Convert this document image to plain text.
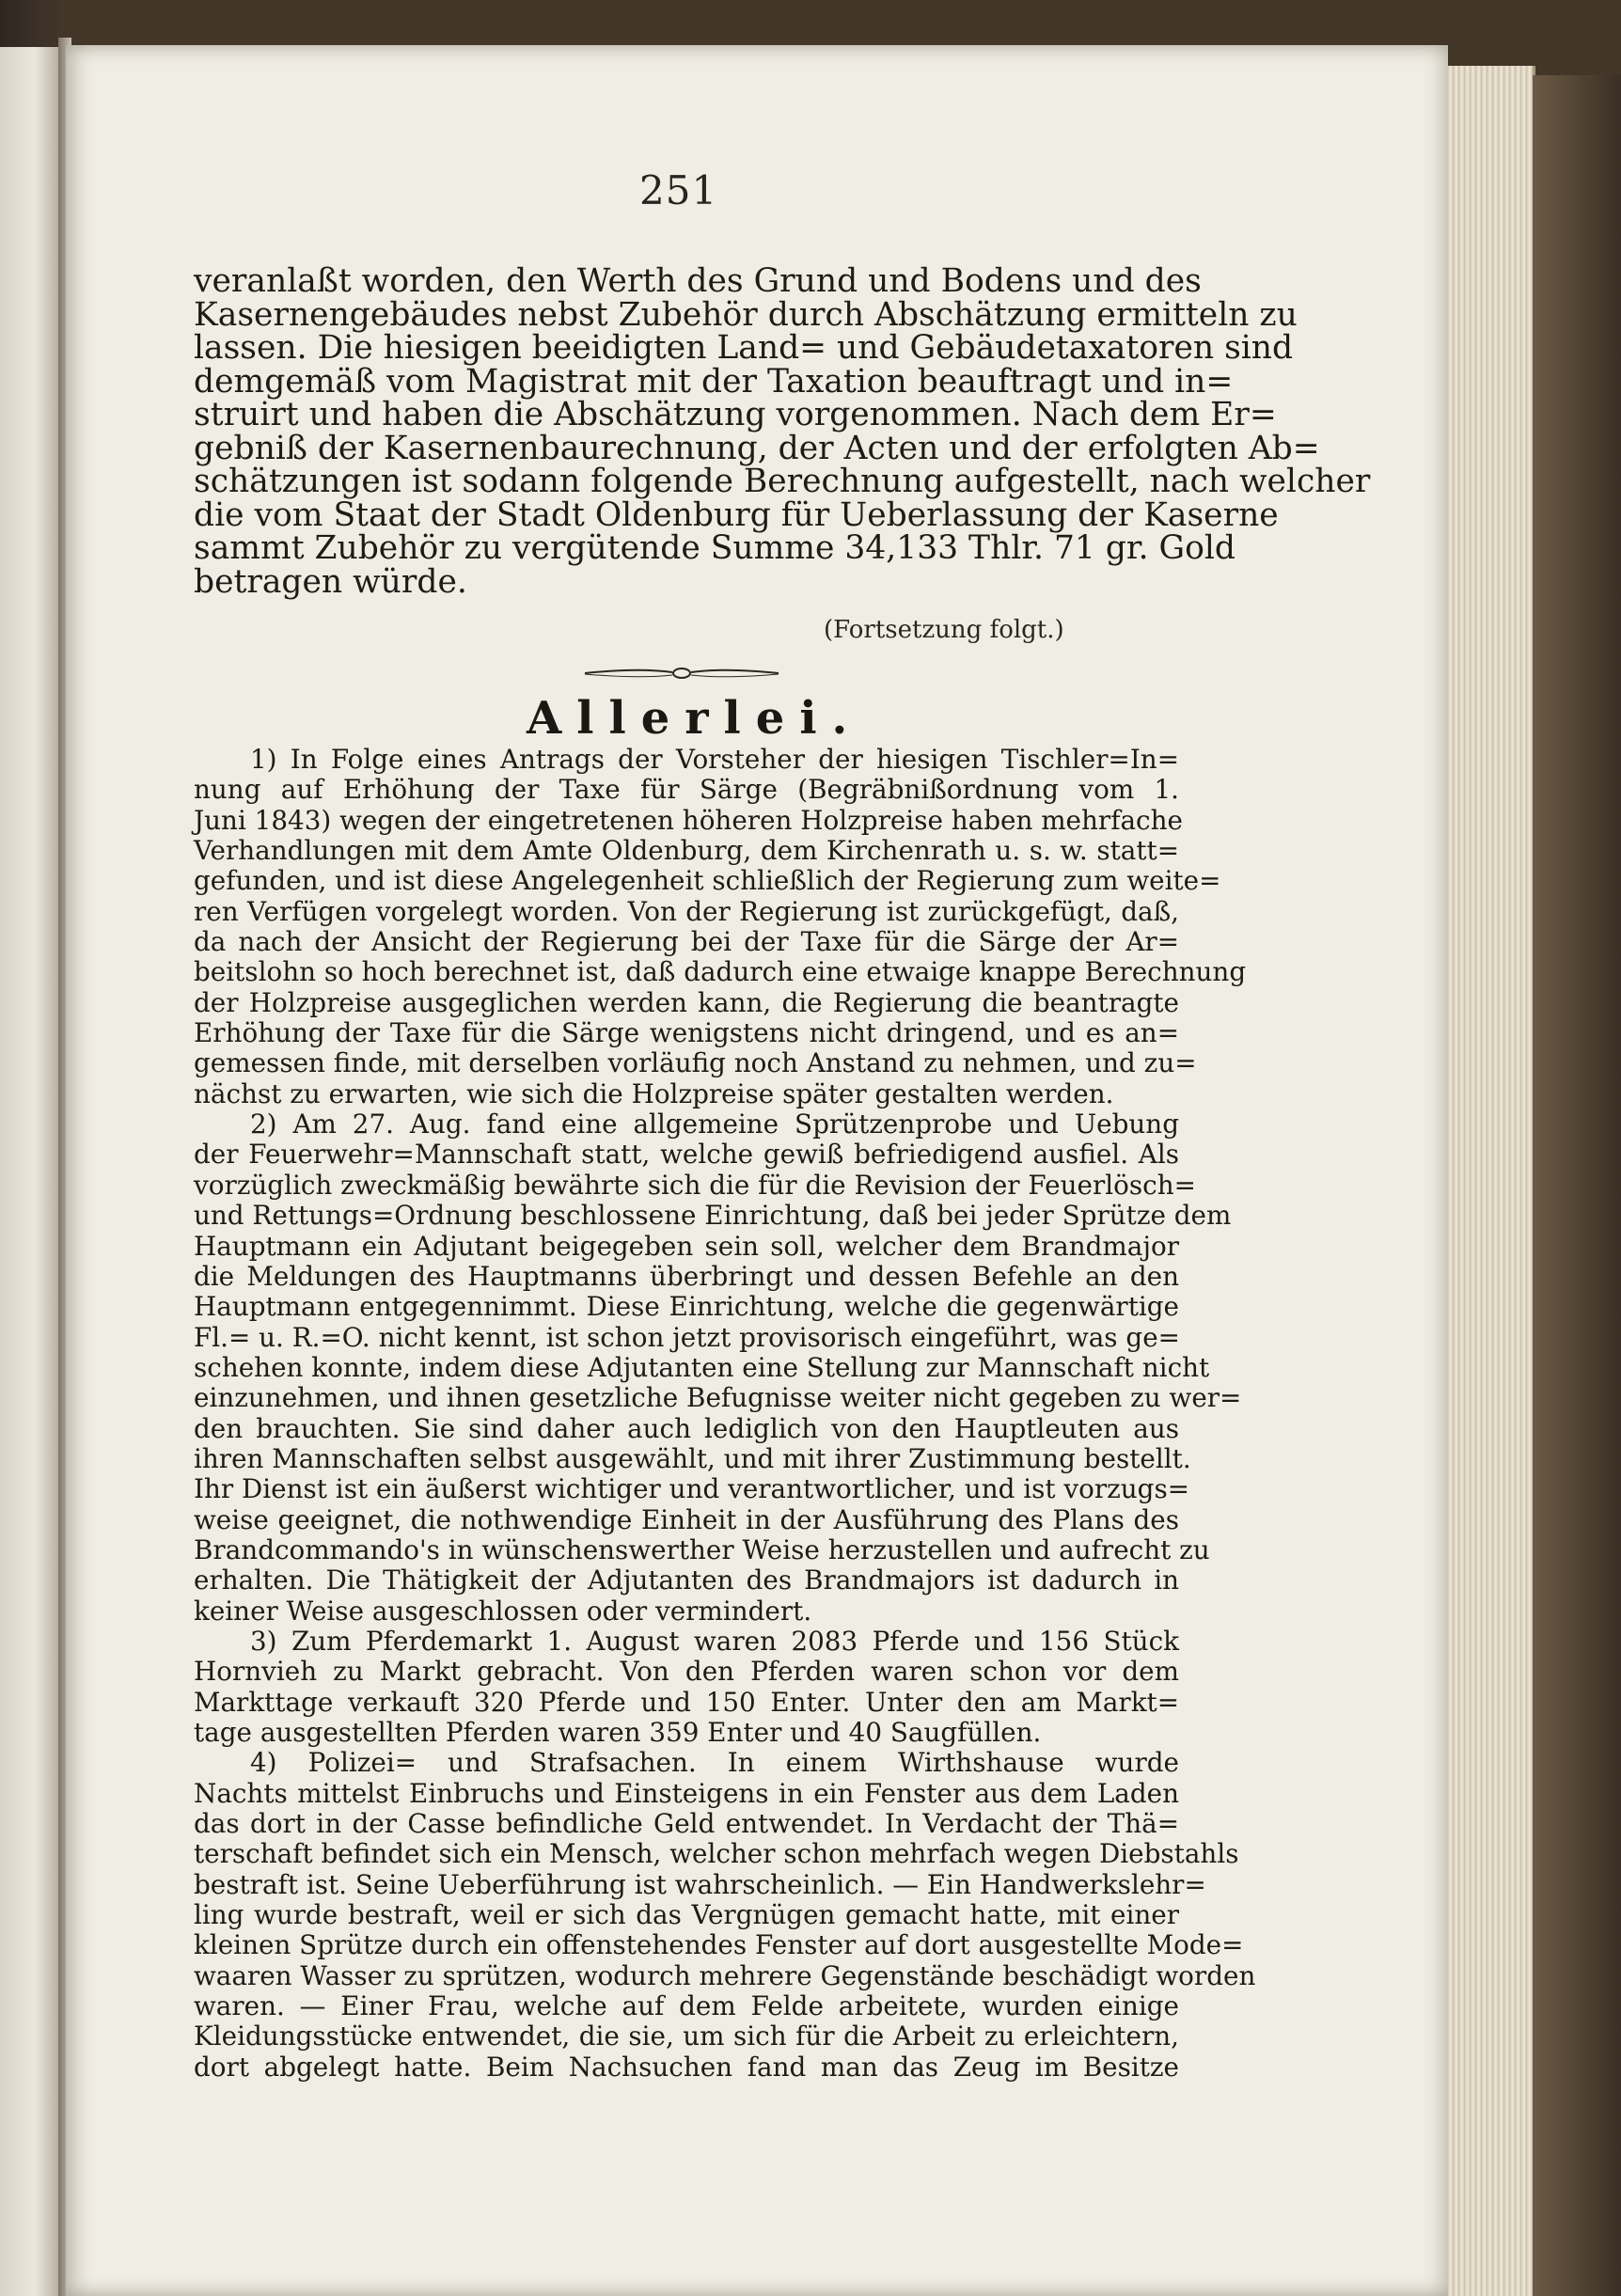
251
veranlaßt worden, den Werth des Grund und Bodens und des
Kasernengebäudes nebst Zubehör durch Abschätzung ermitteln zu
lassen. Die hiesigen beeidigten Land= und Gebäudetaxatoren sind
demgemäß vom Magistrat mit der Taxation beauftragt und in=
struirt und haben die Abschätzung vorgenommen. Nach dem Er=
gebniß der Kasernenbaurechnung, der Acten und der erfolgten Ab=
schätzungen ist sodann folgende Berechnung aufgestellt, nach welcher
die vom Staat der Stadt Oldenburg für Ueberlassung der Kaserne
sammt Zubehör zu vergütende Summe 34,133 Thlr. 71 gr. Gold
betragen würde.
(Fortsetzung folgt.)
Allerlei.
1) In Folge eines Antrags der Vorsteher der hiesigen Tischler=In=
nung auf Erhöhung der Taxe für Särge (Begräbnißordnung vom 1.
Juni 1843) wegen der eingetretenen höheren Holzpreise haben mehrfache
Verhandlungen mit dem Amte Oldenburg, dem Kirchenrath u. s. w. statt=
gefunden, und ist diese Angelegenheit schließlich der Regierung zum weite=
ren Verfügen vorgelegt worden. Von der Regierung ist zurückgefügt, daß,
da nach der Ansicht der Regierung bei der Taxe für die Särge der Ar=
beitslohn so hoch berechnet ist, daß dadurch eine etwaige knappe Berechnung
der Holzpreise ausgeglichen werden kann, die Regierung die beantragte
Erhöhung der Taxe für die Särge wenigstens nicht dringend, und es an=
gemessen finde, mit derselben vorläufig noch Anstand zu nehmen, und zu=
nächst zu erwarten, wie sich die Holzpreise später gestalten werden.
2) Am 27. Aug. fand eine allgemeine Sprützenprobe und Uebung
der Feuerwehr=Mannschaft statt, welche gewiß befriedigend ausfiel. Als
vorzüglich zweckmäßig bewährte sich die für die Revision der Feuerlösch=
und Rettungs=Ordnung beschlossene Einrichtung, daß bei jeder Sprütze dem
Hauptmann ein Adjutant beigegeben sein soll, welcher dem Brandmajor
die Meldungen des Hauptmanns überbringt und dessen Befehle an den
Hauptmann entgegennimmt. Diese Einrichtung, welche die gegenwärtige
Fl.= u. R.=O. nicht kennt, ist schon jetzt provisorisch eingeführt, was ge=
schehen konnte, indem diese Adjutanten eine Stellung zur Mannschaft nicht
einzunehmen, und ihnen gesetzliche Befugnisse weiter nicht gegeben zu wer=
den brauchten. Sie sind daher auch lediglich von den Hauptleuten aus
ihren Mannschaften selbst ausgewählt, und mit ihrer Zustimmung bestellt.
Ihr Dienst ist ein äußerst wichtiger und verantwortlicher, und ist vorzugs=
weise geeignet, die nothwendige Einheit in der Ausführung des Plans des
Brandcommando's in wünschenswerther Weise herzustellen und aufrecht zu
erhalten. Die Thätigkeit der Adjutanten des Brandmajors ist dadurch in
keiner Weise ausgeschlossen oder vermindert.
3) Zum Pferdemarkt 1. August waren 2083 Pferde und 156 Stück
Hornvieh zu Markt gebracht. Von den Pferden waren schon vor dem
Markttage verkauft 320 Pferde und 150 Enter. Unter den am Markt=
tage ausgestellten Pferden waren 359 Enter und 40 Saugfüllen.
4) Polizei= und Strafsachen. In einem Wirthshause wurde
Nachts mittelst Einbruchs und Einsteigens in ein Fenster aus dem Laden
das dort in der Casse befindliche Geld entwendet. In Verdacht der Thä=
terschaft befindet sich ein Mensch, welcher schon mehrfach wegen Diebstahls
bestraft ist. Seine Ueberführung ist wahrscheinlich. — Ein Handwerkslehr=
ling wurde bestraft, weil er sich das Vergnügen gemacht hatte, mit einer
kleinen Sprütze durch ein offenstehendes Fenster auf dort ausgestellte Mode=
waaren Wasser zu sprützen, wodurch mehrere Gegenstände beschädigt worden
waren. — Einer Frau, welche auf dem Felde arbeitete, wurden einige
Kleidungsstücke entwendet, die sie, um sich für die Arbeit zu erleichtern,
dort abgelegt hatte. Beim Nachsuchen fand man das Zeug im Besitze
